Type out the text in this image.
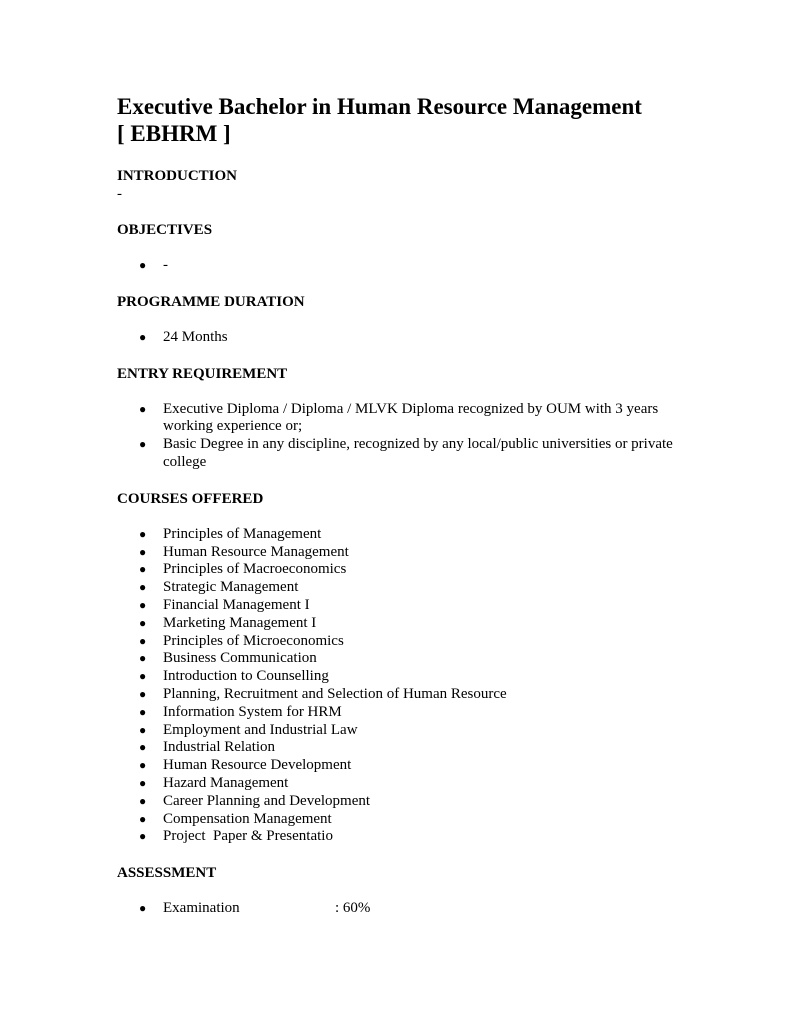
Executive Bachelor in Human Resource Management
[ EBHRM ]
INTRODUCTION
-
OBJECTIVES
● -
PROGRAMME DURATION
● 24 Months
ENTRY REQUIREMENT
● Executive Diploma / Diploma / MLVK Diploma recognized by OUM with 3 years working experience or;
● Basic Degree in any discipline, recognized by any local/public universities or private college
COURSES OFFERED
● Principles of Management
● Human Resource Management
● Principles of Macroeconomics
● Strategic Management
● Financial Management I
● Marketing Management I
● Principles of Microeconomics
● Business Communication
● Introduction to Counselling
● Planning, Recruitment and Selection of Human Resource
● Information System for HRM
● Employment and Industrial Law
● Industrial Relation
● Human Resource Development
● Hazard Management
● Career Planning and Development
● Compensation Management
● Project  Paper & Presentatio
ASSESSMENT
● Examination	: 60%
